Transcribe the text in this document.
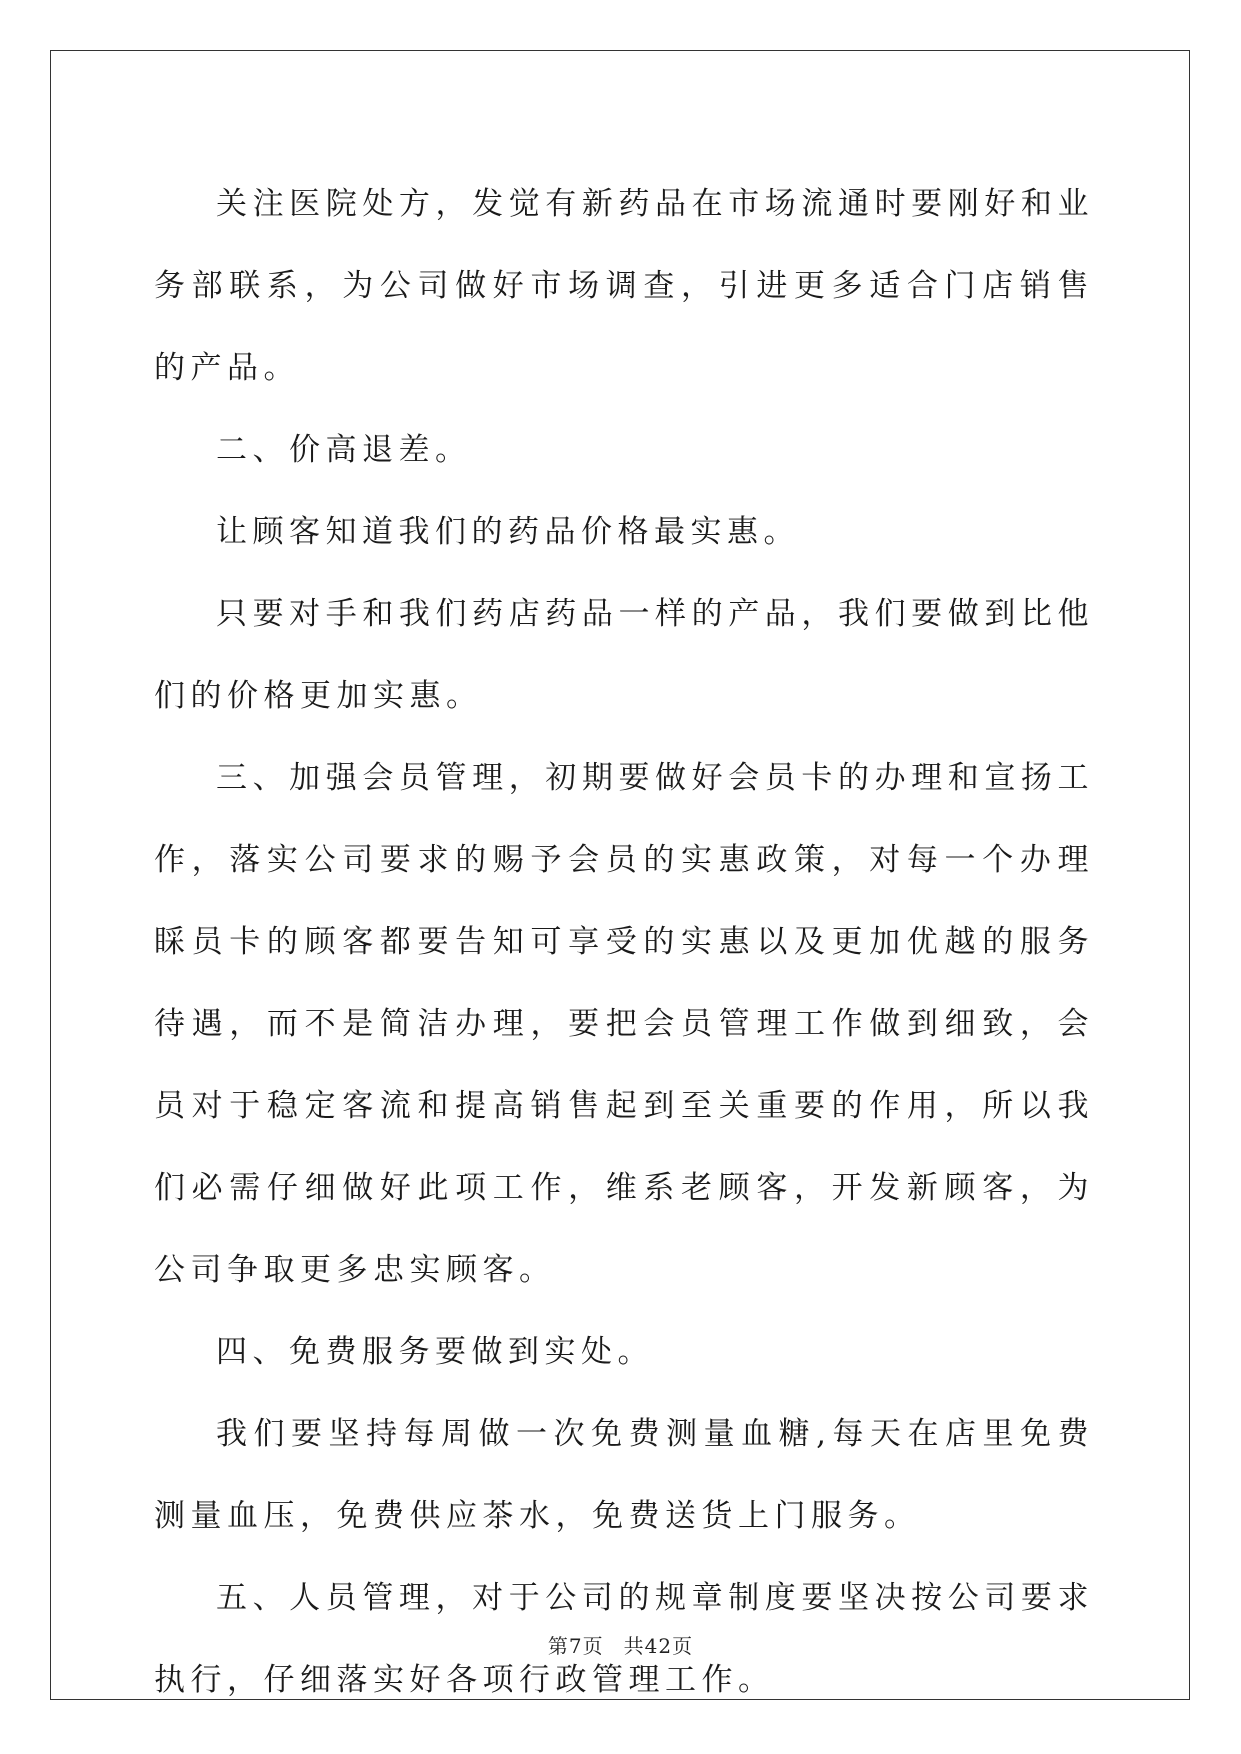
关注医院处方，发觉有新药品在市场流通时要刚好和业务部联系，为公司做好市场调查，引进更多适合门店销售的产品。

二、价高退差。

让顾客知道我们的药品价格最实惠。

只要对手和我们药店药品一样的产品，我们要做到比他们的价格更加实惠。

三、加强会员管理，初期要做好会员卡的办理和宣扬工作，落实公司要求的赐予会员的实惠政策，对每一个办理睬员卡的顾客都要告知可享受的实惠以及更加优越的服务待遇，而不是简洁办理，要把会员管理工作做到细致，会员对于稳定客流和提高销售起到至关重要的作用，所以我们必需仔细做好此项工作，维系老顾客，开发新顾客，为公司争取更多忠实顾客。

四、免费服务要做到实处。

我们要坚持每周做一次免费测量血糖,每天在店里免费测量血压，免费供应茶水，免费送货上门服务。

五、人员管理，对于公司的规章制度要坚决按公司要求执行，仔细落实好各项行政管理工作。

第7页 共42页
